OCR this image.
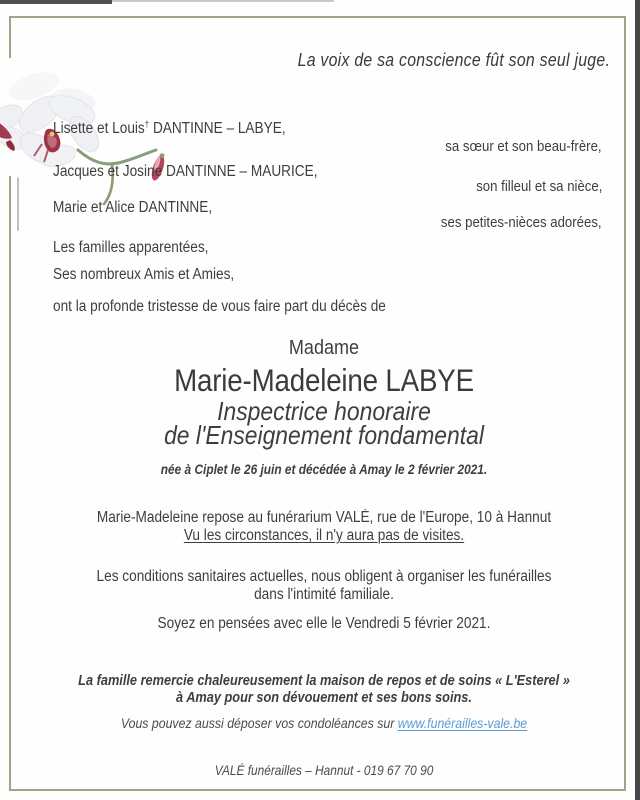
La voix de sa conscience fût son seul juge.
Lisette et Louis† DANTINNE – LABYE,
sa sœur et son beau-frère,
Jacques et Josine DANTINNE – MAURICE,
son filleul et sa nièce,
Marie et Alice DANTINNE,
ses petites-nièces adorées,
Les familles apparentées,
Ses nombreux Amis et Amies,
ont la profonde tristesse de vous faire part du décès de
Madame
Marie-Madeleine LABYE
Inspectrice honoraire
de l'Enseignement fondamental
née à Ciplet le 26 juin et décédée à Amay le 2 février 2021.
Marie-Madeleine repose au funérarium VALÉ, rue de l'Europe, 10 à Hannut
Vu les circonstances, il n'y aura pas de visites.
Les conditions sanitaires actuelles, nous obligent à organiser les funérailles
dans l'intimité familiale.
Soyez en pensées avec elle le Vendredi 5 février 2021.
La famille remercie chaleureusement la maison de repos et de soins « L'Esterel »
à Amay pour son dévouement et ses bons soins.
Vous pouvez aussi déposer vos condoléances sur www.funérailles-vale.be
VALÉ funérailles – Hannut - 019 67 70 90
